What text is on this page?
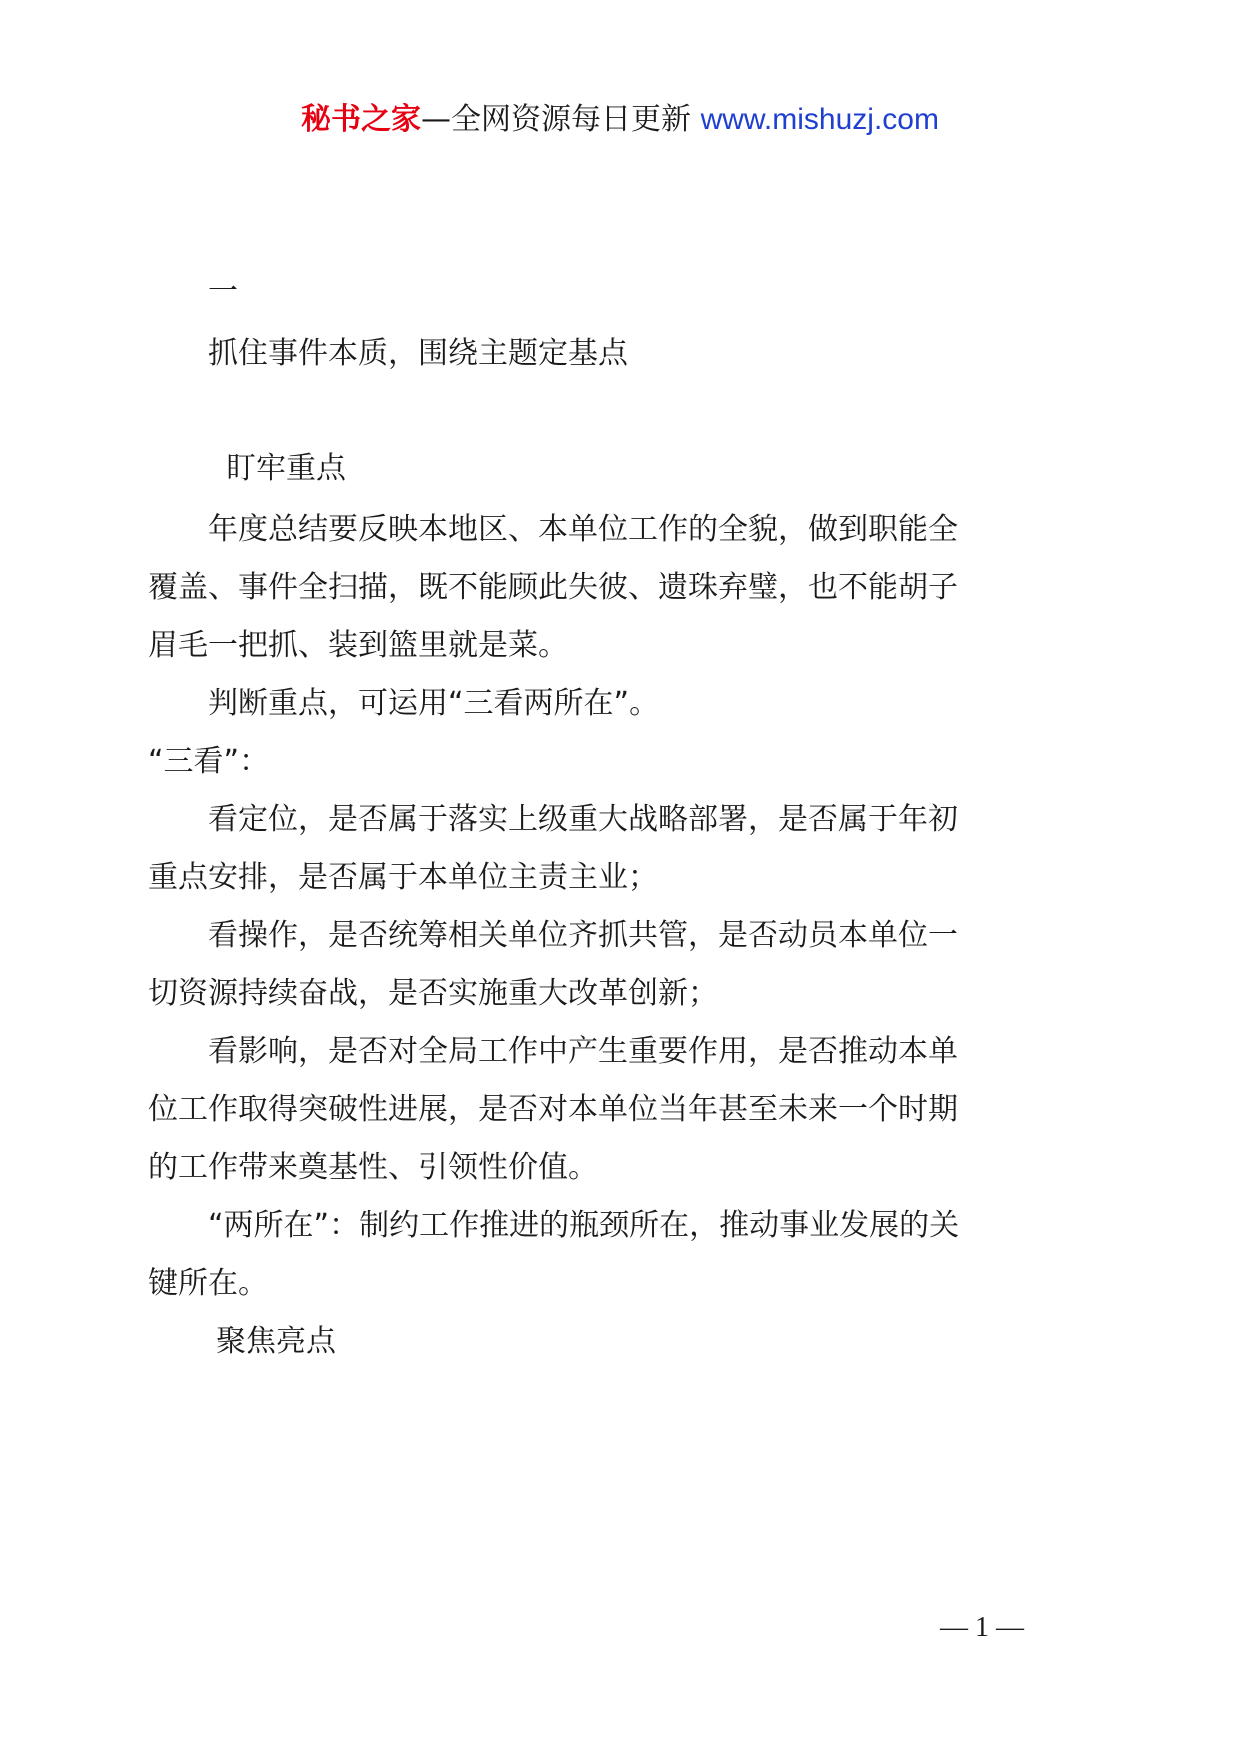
秘书之家—全网资源每日更新 www.mishuzj.com
一
抓住事件本质，围绕主题定基点
盯牢重点
年度总结要反映本地区、本单位工作的全貌，做到职能全
覆盖、事件全扫描，既不能顾此失彼、遗珠弃璧，也不能胡子
眉毛一把抓、装到篮里就是菜。
判断重点，可运用“三看两所在”。
“三看”：
看定位，是否属于落实上级重大战略部署，是否属于年初
重点安排，是否属于本单位主责主业；
看操作，是否统筹相关单位齐抓共管，是否动员本单位一
切资源持续奋战，是否实施重大改革创新；
看影响，是否对全局工作中产生重要作用，是否推动本单
位工作取得突破性进展，是否对本单位当年甚至未来一个时期
的工作带来奠基性、引领性价值。
“两所在”：制约工作推进的瓶颈所在，推动事业发展的关
键所在。
聚焦亮点
— 1 —
